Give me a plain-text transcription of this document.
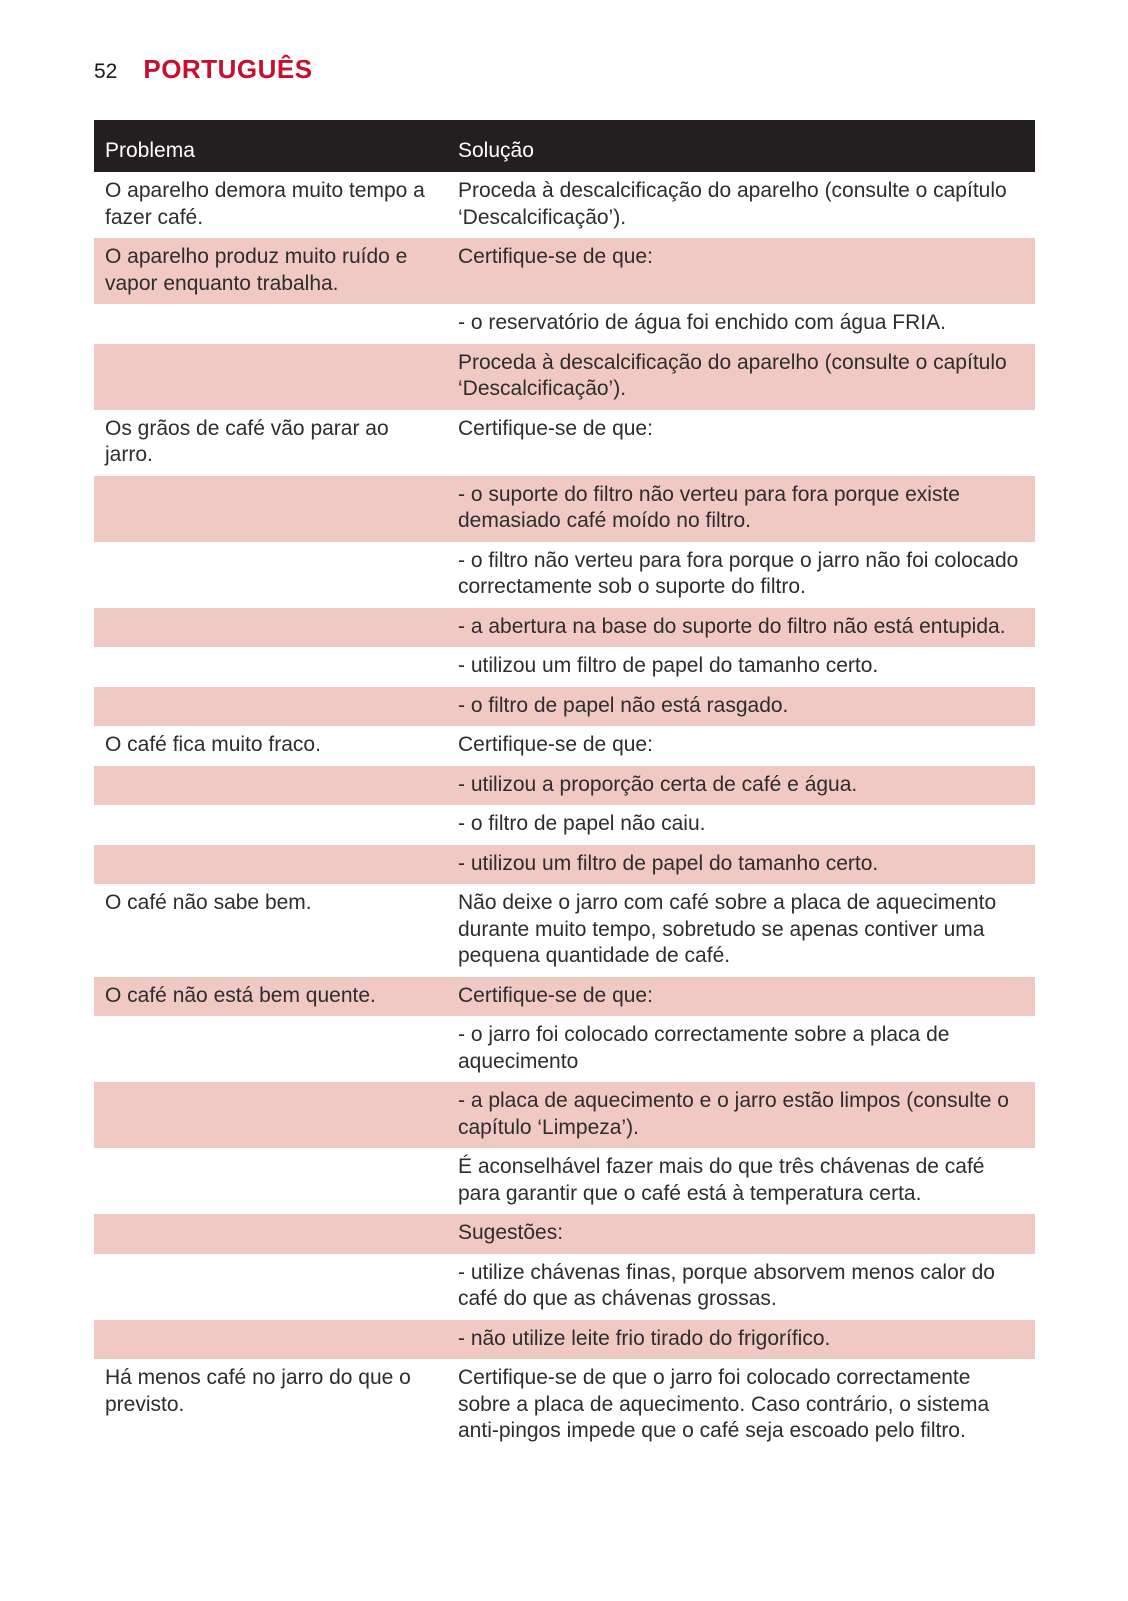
52 PORTUGUÊS
Problema	Solução
O aparelho demora muito tempo a fazer café.	Proceda à descalcificação do aparelho (consulte o capítulo ‘Descalcificação’).
O aparelho produz muito ruído e vapor enquanto trabalha.	Certifique-se de que:
	- o reservatório de água foi enchido com água FRIA.
	Proceda à descalcificação do aparelho (consulte o capítulo ‘Descalcificação’).
Os grãos de café vão parar ao jarro.	Certifique-se de que:
	- o suporte do filtro não verteu para fora porque existe demasiado café moído no filtro.
	- o filtro não verteu para fora porque o jarro não foi colocado correctamente sob o suporte do filtro.
	- a abertura na base do suporte do filtro não está entupida.
	- utilizou um filtro de papel do tamanho certo.
	- o filtro de papel não está rasgado.
O café fica muito fraco.	Certifique-se de que:
	- utilizou a proporção certa de café e água.
	- o filtro de papel não caiu.
	- utilizou um filtro de papel do tamanho certo.
O café não sabe bem.	Não deixe o jarro com café sobre a placa de aquecimento durante muito tempo, sobretudo se apenas contiver uma pequena quantidade de café.
O café não está bem quente.	Certifique-se de que:
	- o jarro foi colocado correctamente sobre a placa de aquecimento
	- a placa de aquecimento e o jarro estão limpos (consulte o capítulo ‘Limpeza’).
	É aconselhável fazer mais do que três chávenas de café para garantir que o café está à temperatura certa.
	Sugestões:
	- utilize chávenas finas, porque absorvem menos calor do café do que as chávenas grossas.
	- não utilize leite frio tirado do frigorífico.
Há menos café no jarro do que o previsto.	Certifique-se de que o jarro foi colocado correctamente sobre a placa de aquecimento. Caso contrário, o sistema anti-pingos impede que o café seja escoado pelo filtro.
